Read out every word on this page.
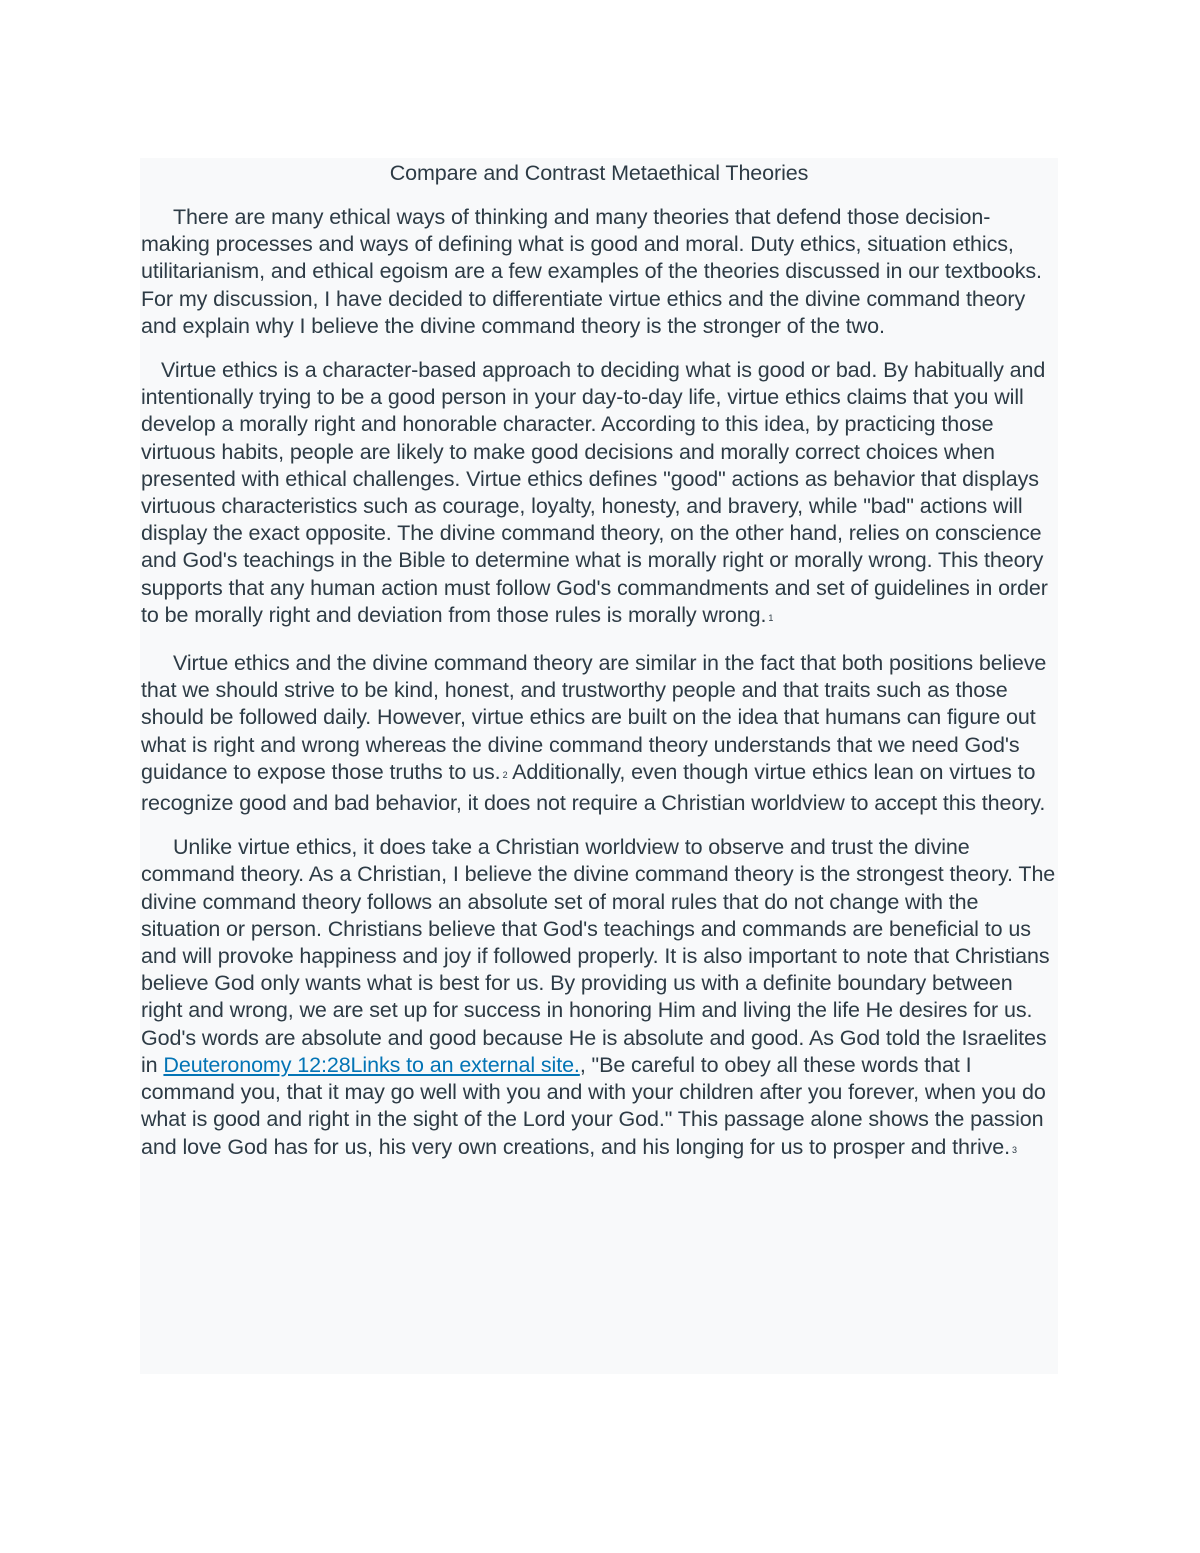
Compare and Contrast Metaethical Theories

There are many ethical ways of thinking and many theories that defend those decision-making processes and ways of defining what is good and moral. Duty ethics, situation ethics, utilitarianism, and ethical egoism are a few examples of the theories discussed in our textbooks. For my discussion, I have decided to differentiate virtue ethics and the divine command theory and explain why I believe the divine command theory is the stronger of the two.

Virtue ethics is a character-based approach to deciding what is good or bad. By habitually and intentionally trying to be a good person in your day-to-day life, virtue ethics claims that you will develop a morally right and honorable character. According to this idea, by practicing those virtuous habits, people are likely to make good decisions and morally correct choices when presented with ethical challenges. Virtue ethics defines "good" actions as behavior that displays virtuous characteristics such as courage, loyalty, honesty, and bravery, while "bad" actions will display the exact opposite. The divine command theory, on the other hand, relies on conscience and God's teachings in the Bible to determine what is morally right or morally wrong. This theory supports that any human action must follow God's commandments and set of guidelines in order to be morally right and deviation from those rules is morally wrong. 1

Virtue ethics and the divine command theory are similar in the fact that both positions believe that we should strive to be kind, honest, and trustworthy people and that traits such as those should be followed daily. However, virtue ethics are built on the idea that humans can figure out what is right and wrong whereas the divine command theory understands that we need God's guidance to expose those truths to us. 2 Additionally, even though virtue ethics lean on virtues to recognize good and bad behavior, it does not require a Christian worldview to accept this theory.

Unlike virtue ethics, it does take a Christian worldview to observe and trust the divine command theory. As a Christian, I believe the divine command theory is the strongest theory. The divine command theory follows an absolute set of moral rules that do not change with the situation or person. Christians believe that God's teachings and commands are beneficial to us and will provoke happiness and joy if followed properly. It is also important to note that Christians believe God only wants what is best for us. By providing us with a definite boundary between right and wrong, we are set up for success in honoring Him and living the life He desires for us. God's words are absolute and good because He is absolute and good. As God told the Israelites in Deuteronomy 12:28Links to an external site., "Be careful to obey all these words that I command you, that it may go well with you and with your children after you forever, when you do what is good and right in the sight of the Lord your God." This passage alone shows the passion and love God has for us, his very own creations, and his longing for us to prosper and thrive. 3
